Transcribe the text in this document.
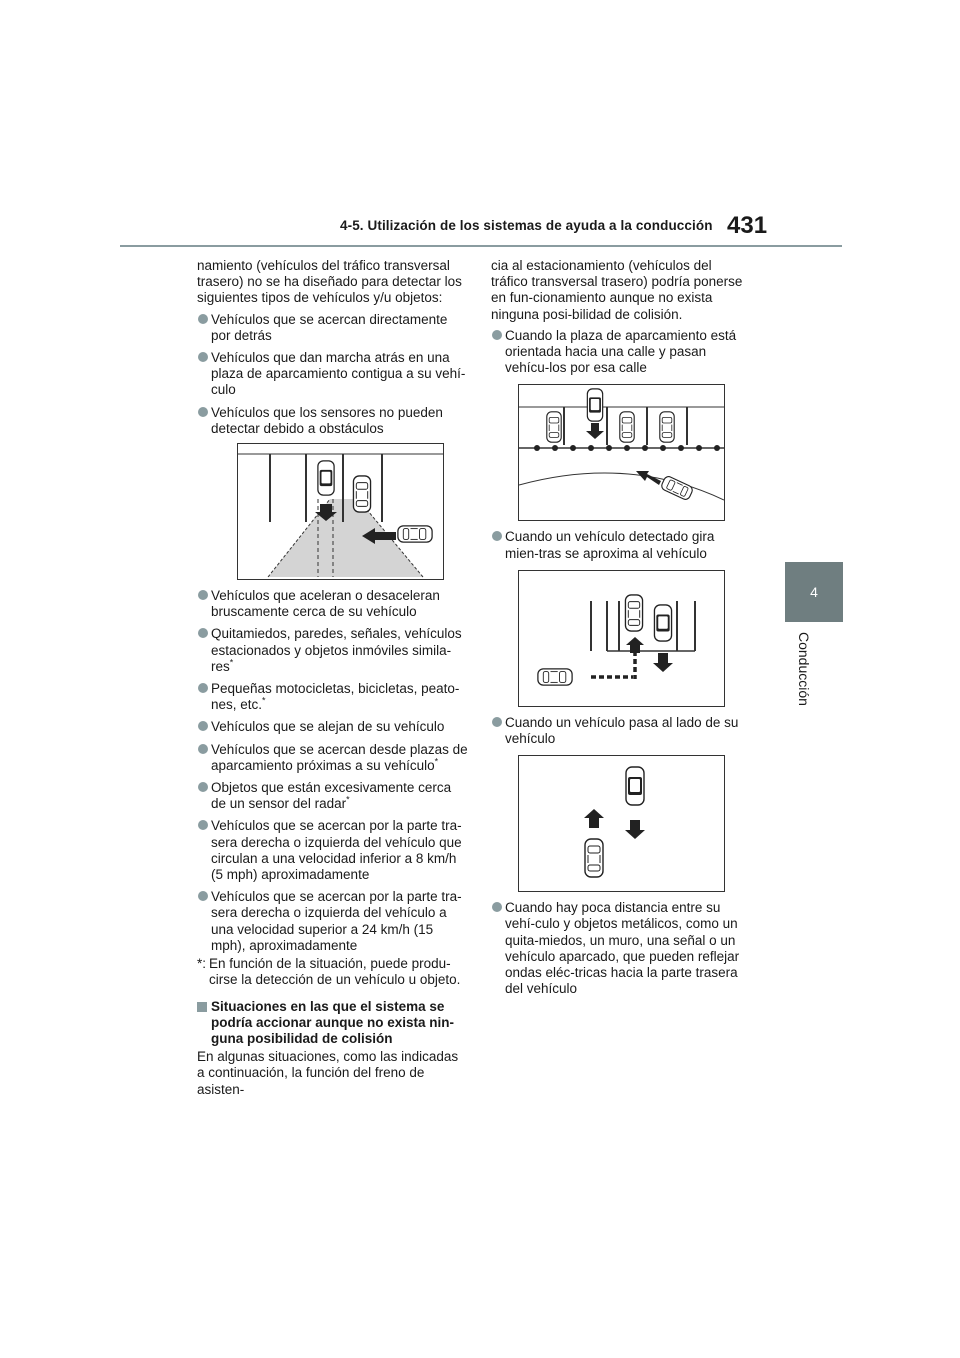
4-5. Utilización de los sistemas de ayuda a la conducción 431
4
Conducción

namiento (vehículos del tráfico transversal trasero) no se ha diseñado para detectar los siguientes tipos de vehículos y/u objetos:

Vehículos que se acercan directamente por detrás
Vehículos que dan marcha atrás en una plaza de aparcamiento contigua a su vehí-culo
Vehículos que los sensores no pueden detectar debido a obstáculos
Vehículos que aceleran o desaceleran bruscamente cerca de su vehículo
Quitamiedos, paredes, señales, vehículos estacionados y objetos inmóviles simila-res*
Pequeñas motocicletas, bicicletas, peato-nes, etc.*
Vehículos que se alejan de su vehículo
Vehículos que se acercan desde plazas de aparcamiento próximas a su vehículo*
Objetos que están excesivamente cerca de un sensor del radar*
Vehículos que se acercan por la parte tra-sera derecha o izquierda del vehículo que circulan a una velocidad inferior a 8 km/h (5 mph) aproximadamente
Vehículos que se acercan por la parte tra-sera derecha o izquierda del vehículo a una velocidad superior a 24 km/h (15 mph), aproximadamente
*: En función de la situación, puede produ-cirse la detección de un vehículo u objeto.
Situaciones en las que el sistema se podría accionar aunque no exista nin-guna posibilidad de colisión

En algunas situaciones, como las indicadas a continuación, la función del freno de asisten-

cia al estacionamiento (vehículos del tráfico transversal trasero) podría ponerse en fun-cionamiento aunque no exista ninguna posi-bilidad de colisión.

Cuando la plaza de aparcamiento está orientada hacia una calle y pasan vehícu-los por esa calle
Cuando un vehículo detectado gira mien-tras se aproxima al vehículo
Cuando un vehículo pasa al lado de su vehículo
Cuando hay poca distancia entre su vehí-culo y objetos metálicos, como un quita-miedos, un muro, una señal o un vehículo aparcado, que pueden reflejar ondas eléc-tricas hacia la parte trasera del vehículo
